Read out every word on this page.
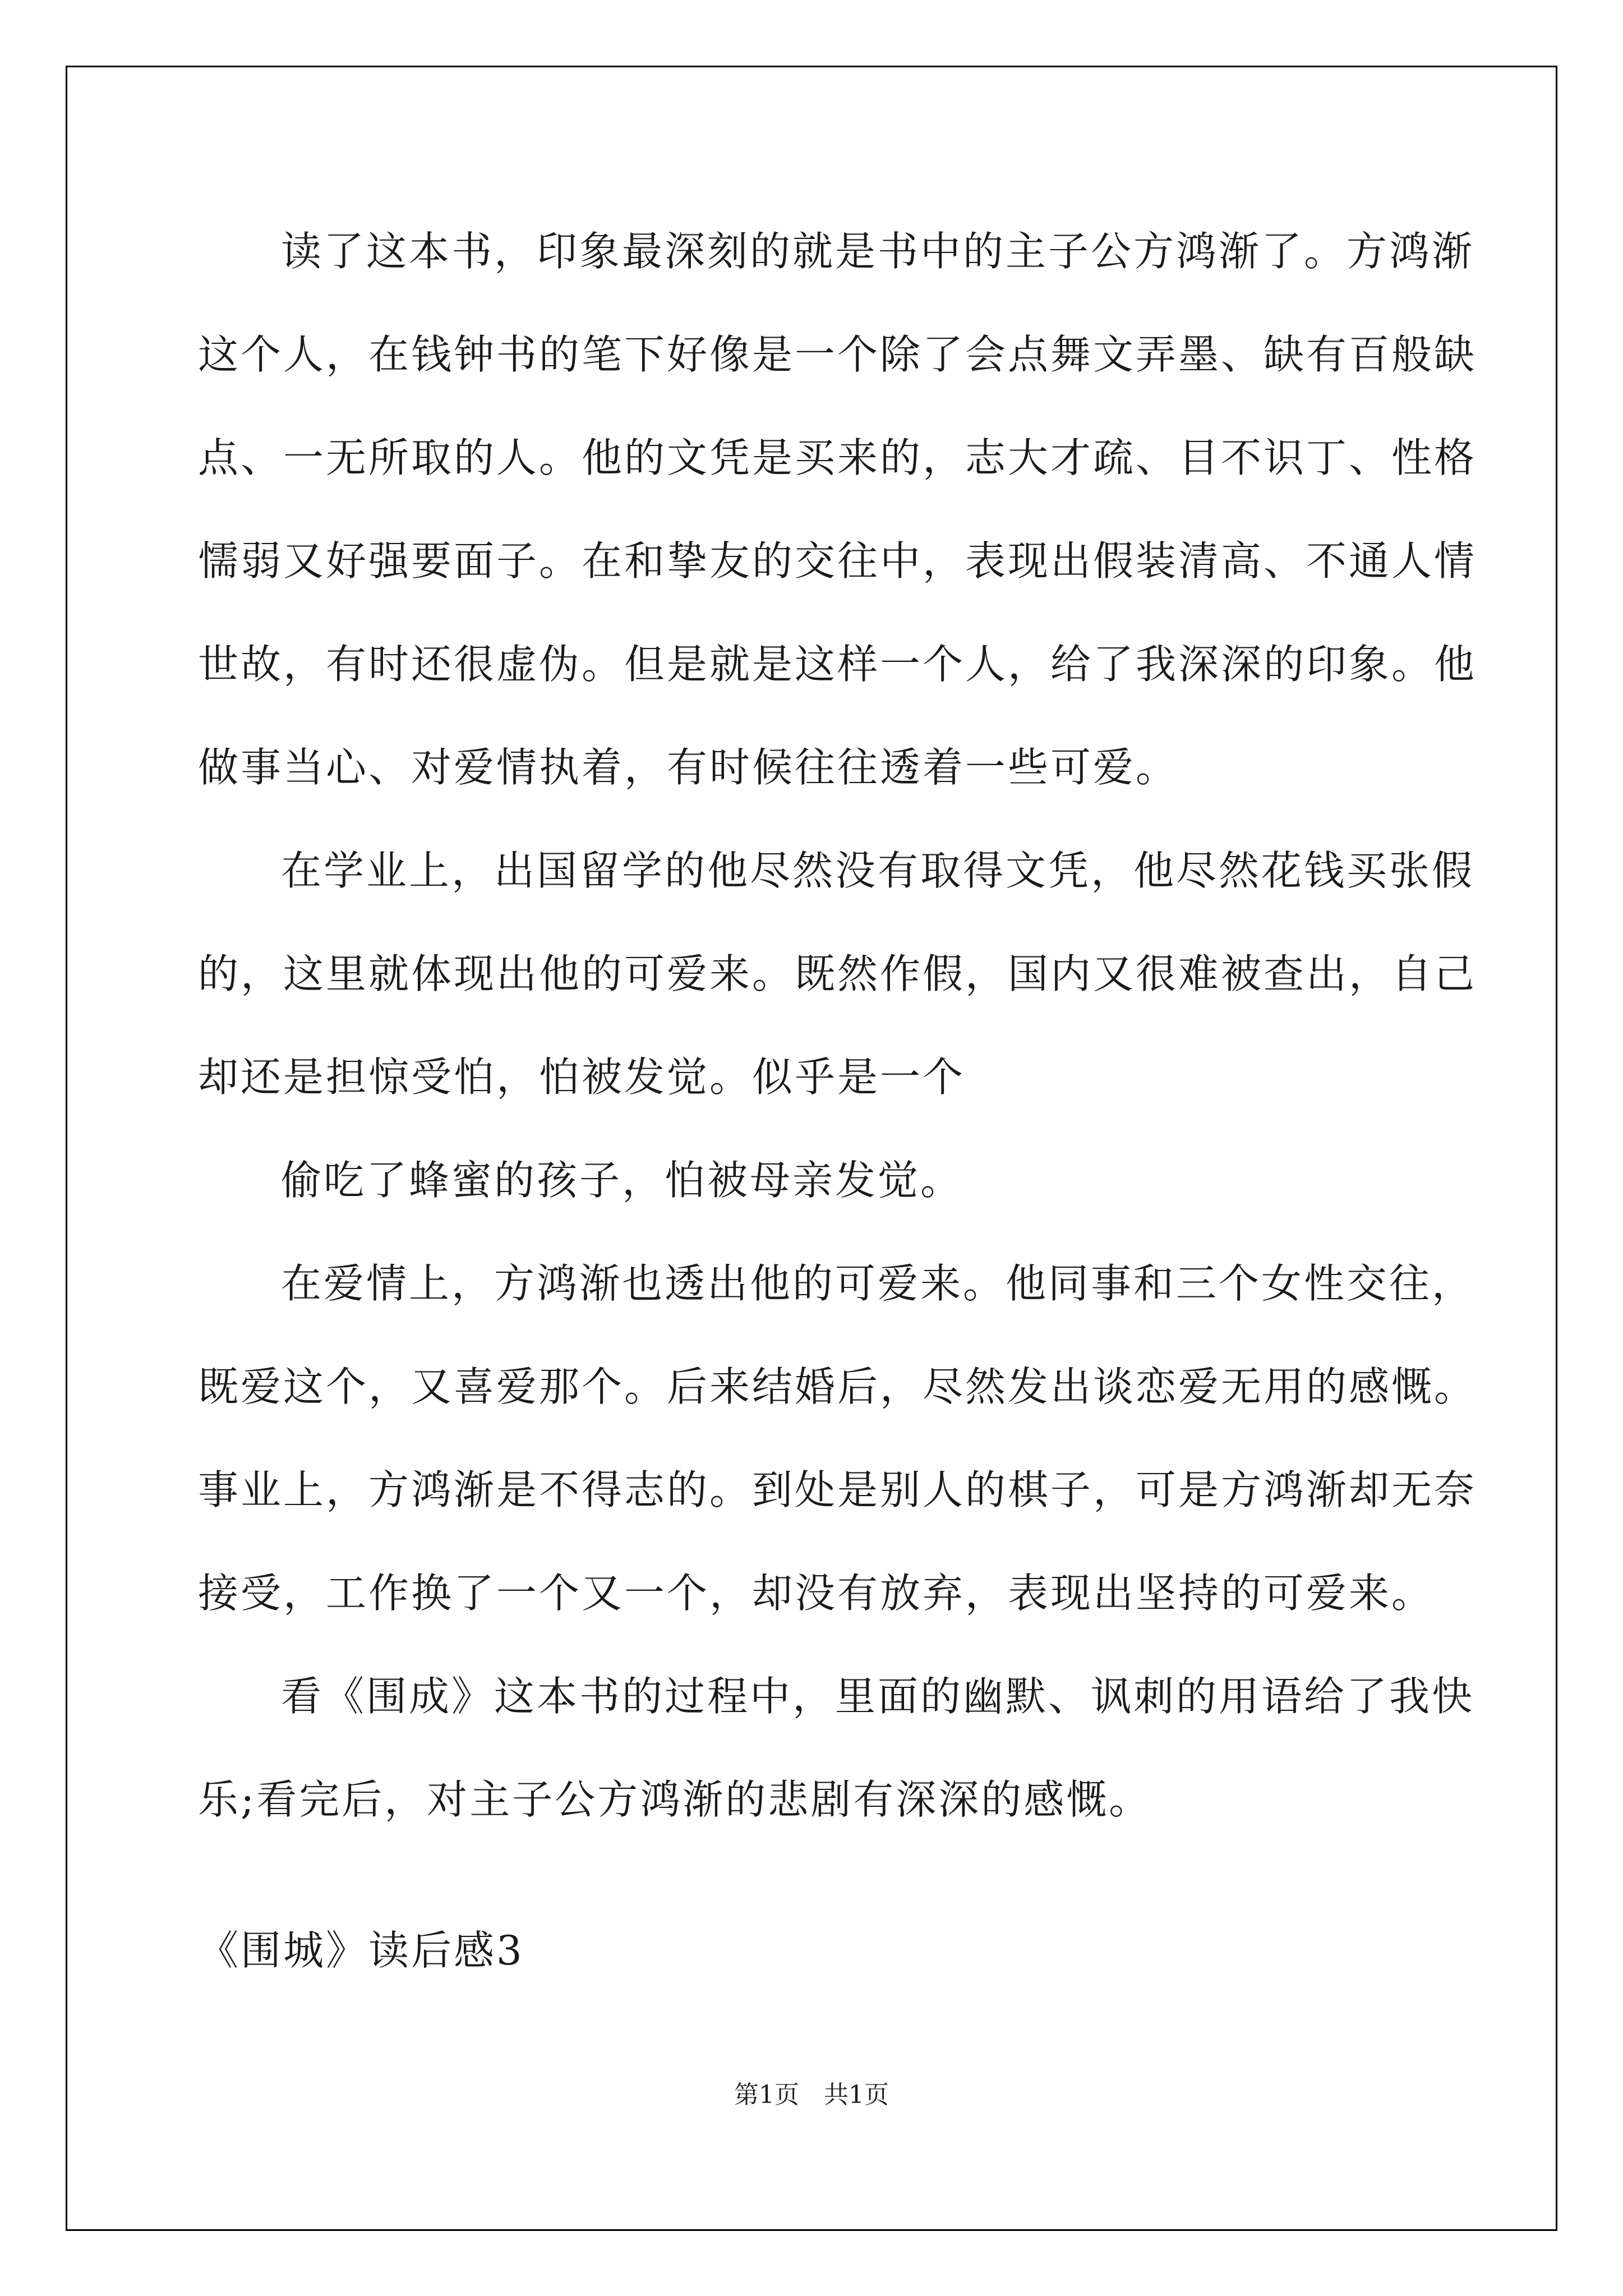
读了这本书，印象最深刻的就是书中的主子公方鸿渐了。方鸿渐
这个人，在钱钟书的笔下好像是一个除了会点舞文弄墨、缺有百般缺
点、一无所取的人。他的文凭是买来的，志大才疏、目不识丁、性格
懦弱又好强要面子。在和挚友的交往中，表现出假装清高、不通人情
世故，有时还很虚伪。但是就是这样一个人，给了我深深的印象。他
做事当心、对爱情执着，有时候往往透着一些可爱。
在学业上，出国留学的他尽然没有取得文凭，他尽然花钱买张假
的，这里就体现出他的可爱来。既然作假，国内又很难被查出，自己
却还是担惊受怕，怕被发觉。似乎是一个
偷吃了蜂蜜的孩子，怕被母亲发觉。
在爱情上，方鸿渐也透出他的可爱来。他同事和三个女性交往，
既爱这个，又喜爱那个。后来结婚后，尽然发出谈恋爱无用的感慨。
事业上，方鸿渐是不得志的。到处是别人的棋子，可是方鸿渐却无奈
接受，工作换了一个又一个，却没有放弃，表现出坚持的可爱来。
看《围成》这本书的过程中，里面的幽默、讽刺的用语给了我快
乐;看完后，对主子公方鸿渐的悲剧有深深的感慨。
《围城》读后感3
第1页　共1页
